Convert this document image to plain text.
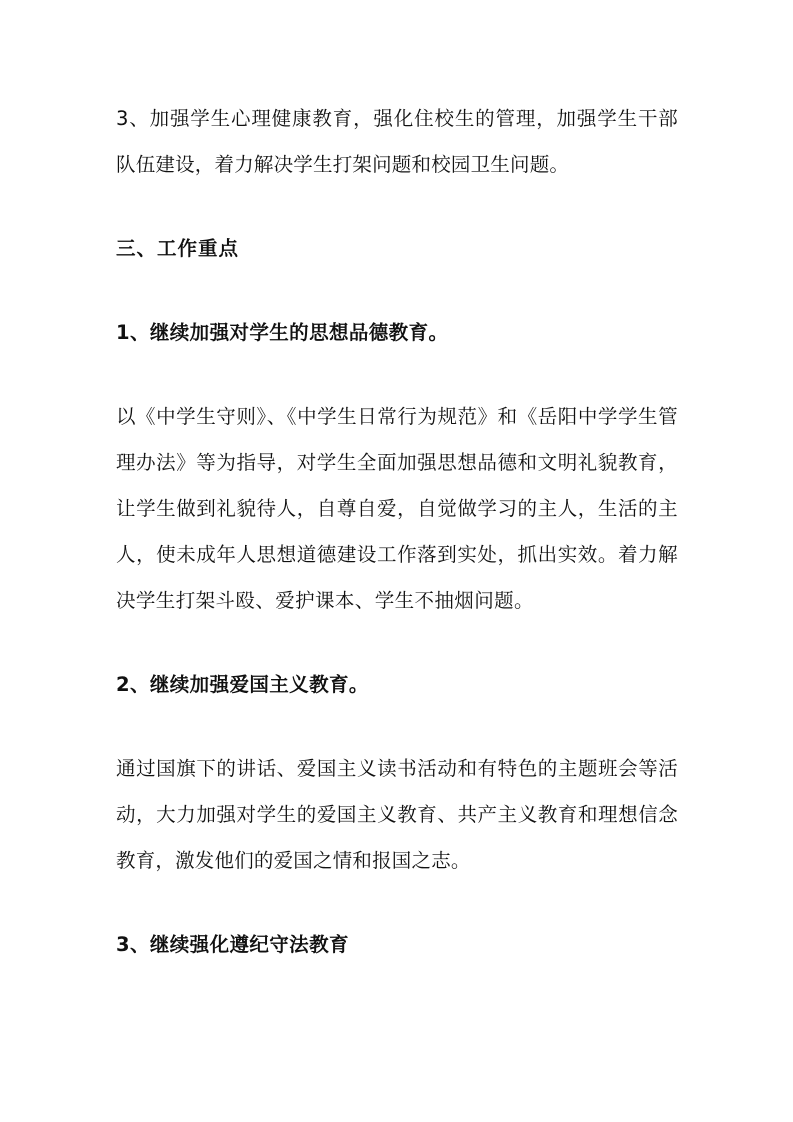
3、加强学生心理健康教育，强化住校生的管理，加强学生干部队伍建设，着力解决学生打架问题和校园卫生问题。

三、工作重点

1、继续加强对学生的思想品德教育。

以《中学生守则》、《中学生日常行为规范》和《岳阳中学学生管理办法》等为指导，对学生全面加强思想品德和文明礼貌教育，让学生做到礼貌待人，自尊自爱，自觉做学习的主人，生活的主人，使未成年人思想道德建设工作落到实处，抓出实效。着力解决学生打架斗殴、爱护课本、学生不抽烟问题。

2、继续加强爱国主义教育。

通过国旗下的讲话、爱国主义读书活动和有特色的主题班会等活动，大力加强对学生的爱国主义教育、共产主义教育和理想信念教育，激发他们的爱国之情和报国之志。

3、继续强化遵纪守法教育
